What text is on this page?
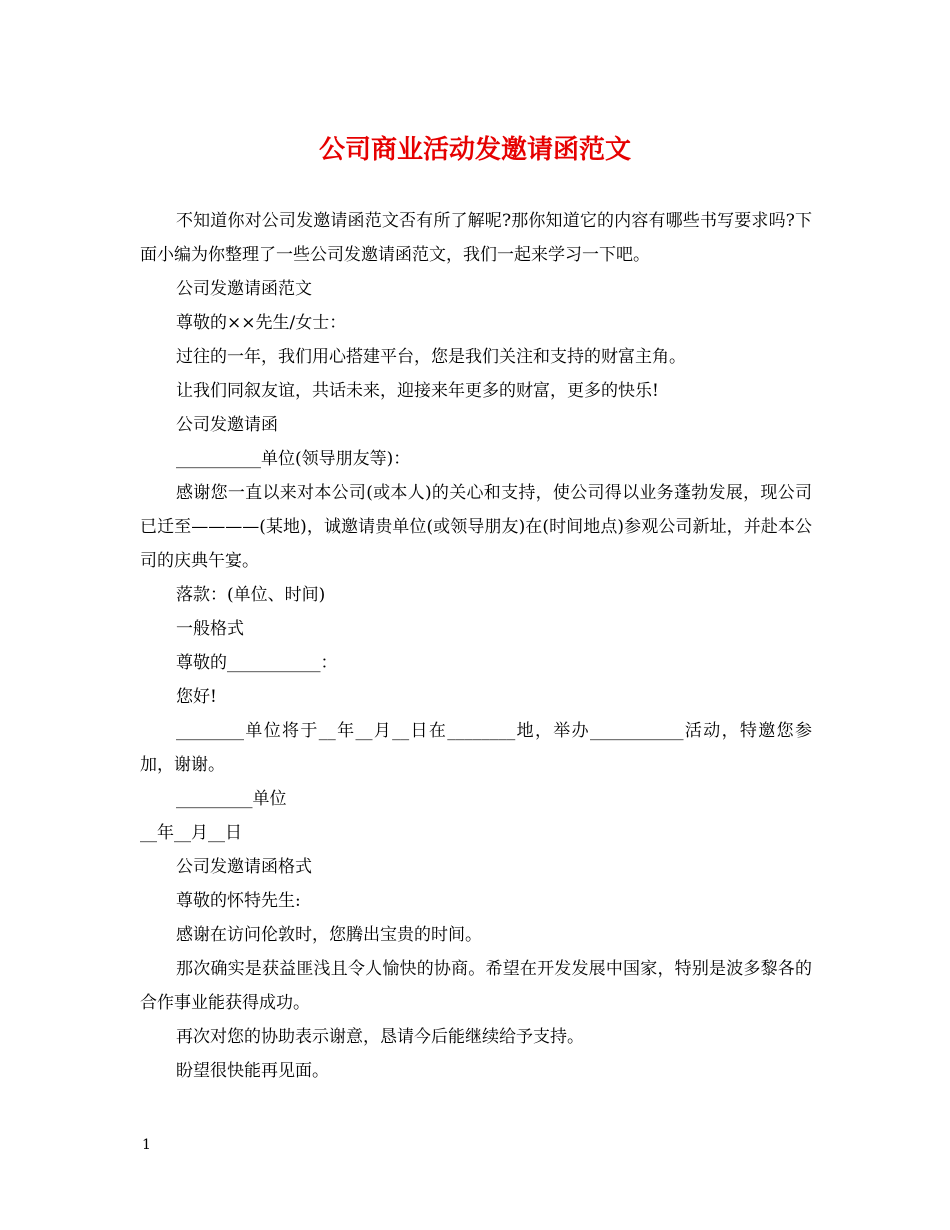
公司商业活动发邀请函范文

不知道你对公司发邀请函范文否有所了解呢?那你知道它的内容有哪些书写要求吗?下面小编为你整理了一些公司发邀请函范文，我们一起来学习一下吧。

公司发邀请函范文

尊敬的××先生/女士：

过往的一年，我们用心搭建平台，您是我们关注和支持的财富主角。

让我们同叙友谊，共话未来，迎接来年更多的财富，更多的快乐!

公司发邀请函

__________单位(领导朋友等)：

感谢您一直以来对本公司(或本人)的关心和支持，使公司得以业务蓬勃发展，现公司已迁至————(某地)，诚邀请贵单位(或领导朋友)在(时间地点)参观公司新址，并赴本公司的庆典午宴。

落款：(单位、时间)

一般格式

尊敬的___________：

您好!

________单位将于__年__月__日在________地，举办___________活动，特邀您参加，谢谢。

_________单位

__年__月__日

公司发邀请函格式

尊敬的怀特先生:

感谢在访问伦敦时，您腾出宝贵的时间。

那次确实是获益匪浅且令人愉快的协商。希望在开发发展中国家，特别是波多黎各的合作事业能获得成功。

再次对您的协助表示谢意，恳请今后能继续给予支持。

盼望很快能再见面。

1
